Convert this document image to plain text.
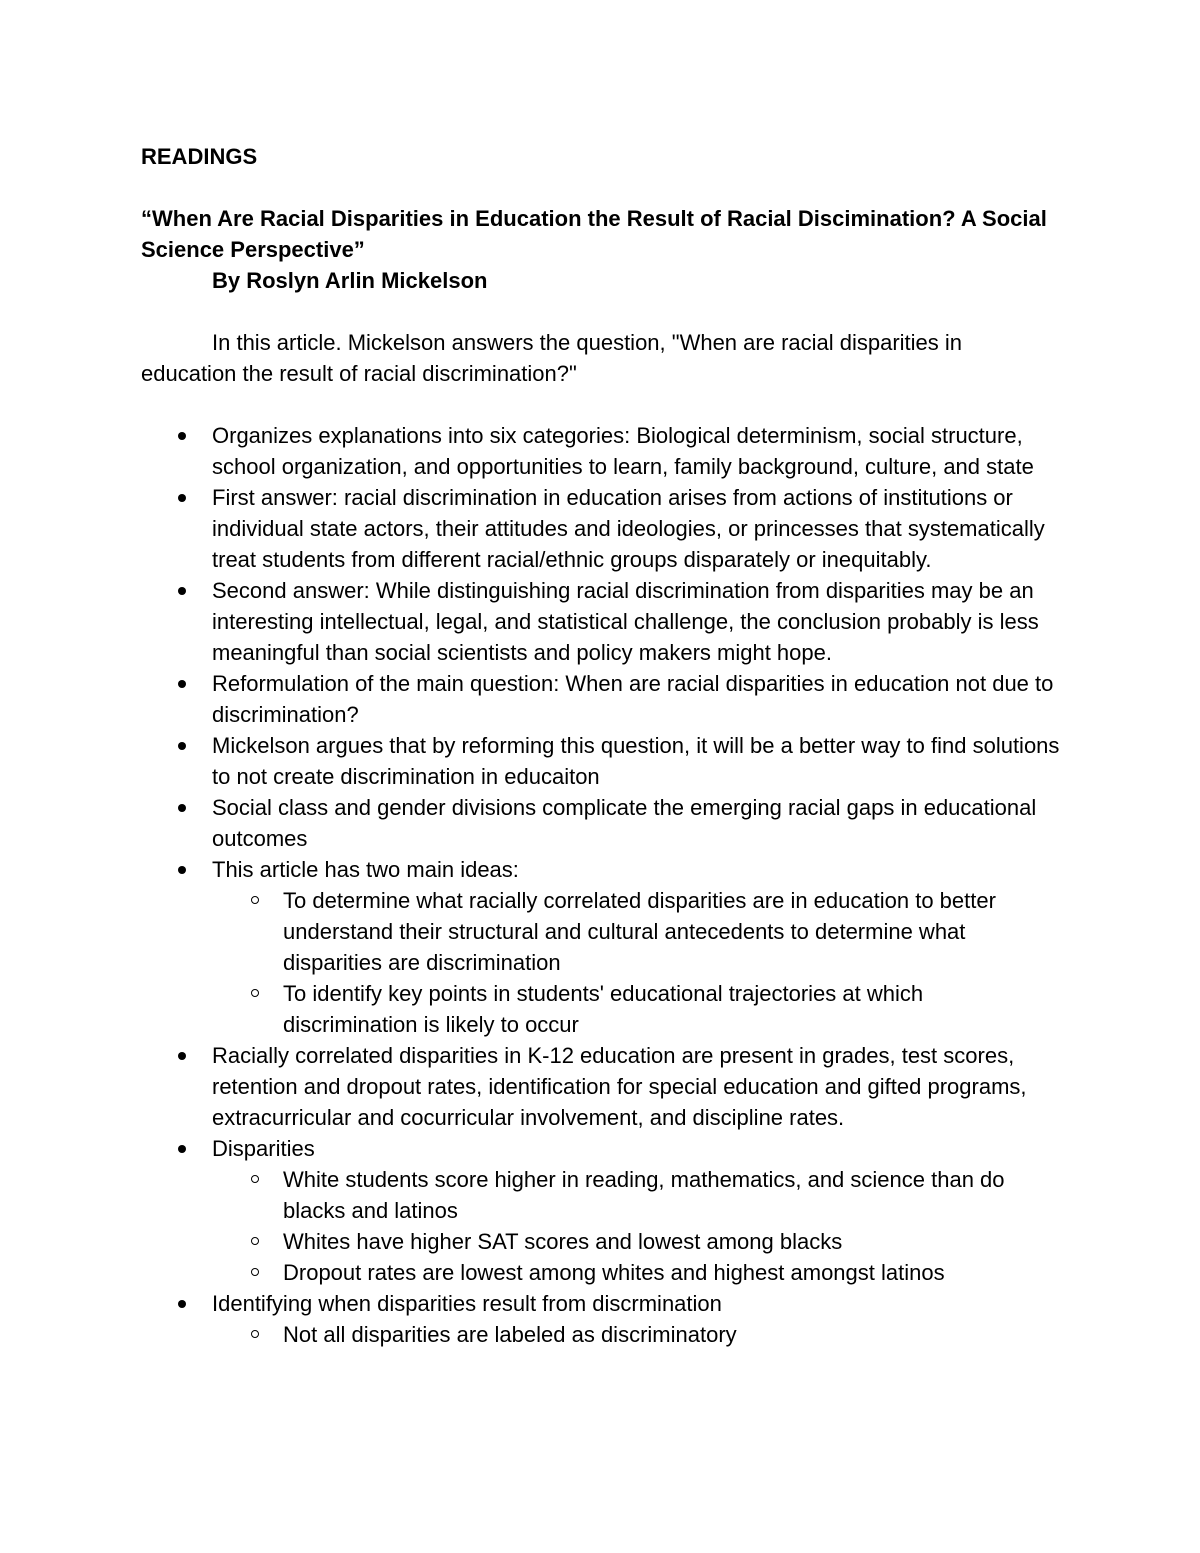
READINGS

“When Are Racial Disparities in Education the Result of Racial Discimination? A Social Science Perspective”

By Roslyn Arlin Mickelson

In this article. Mickelson answers the question, "When are racial disparities in education the result of racial discrimination?"

Organizes explanations into six categories: Biological determinism, social structure, school organization, and opportunities to learn, family background, culture, and state
First answer: racial discrimination in education arises from actions of institutions or individual state actors, their attitudes and ideologies, or princesses that systematically treat students from different racial/ethnic groups disparately or inequitably.
Second answer: While distinguishing racial discrimination from disparities may be an interesting intellectual, legal, and statistical challenge, the conclusion probably is less meaningful than social scientists and policy makers might hope.
Reformulation of the main question: When are racial disparities in education not due to discrimination?
Mickelson argues that by reforming this question, it will be a better way to find solutions to not create discrimination in educaiton
Social class and gender divisions complicate the emerging racial gaps in educational outcomes
This article has two main ideas:
To determine what racially correlated disparities are in education to better understand their structural and cultural antecedents to determine what disparities are discrimination
To identify key points in students' educational trajectories at which discrimination is likely to occur
Racially correlated disparities in K-12 education are present in grades, test scores, retention and dropout rates, identification for special education and gifted programs, extracurricular and cocurricular involvement, and discipline rates.
Disparities
White students score higher in reading, mathematics, and science than do blacks and latinos
Whites have higher SAT scores and lowest among blacks
Dropout rates are lowest among whites and highest amongst latinos
Identifying when disparities result from discrmination
Not all disparities are labeled as discriminatory
